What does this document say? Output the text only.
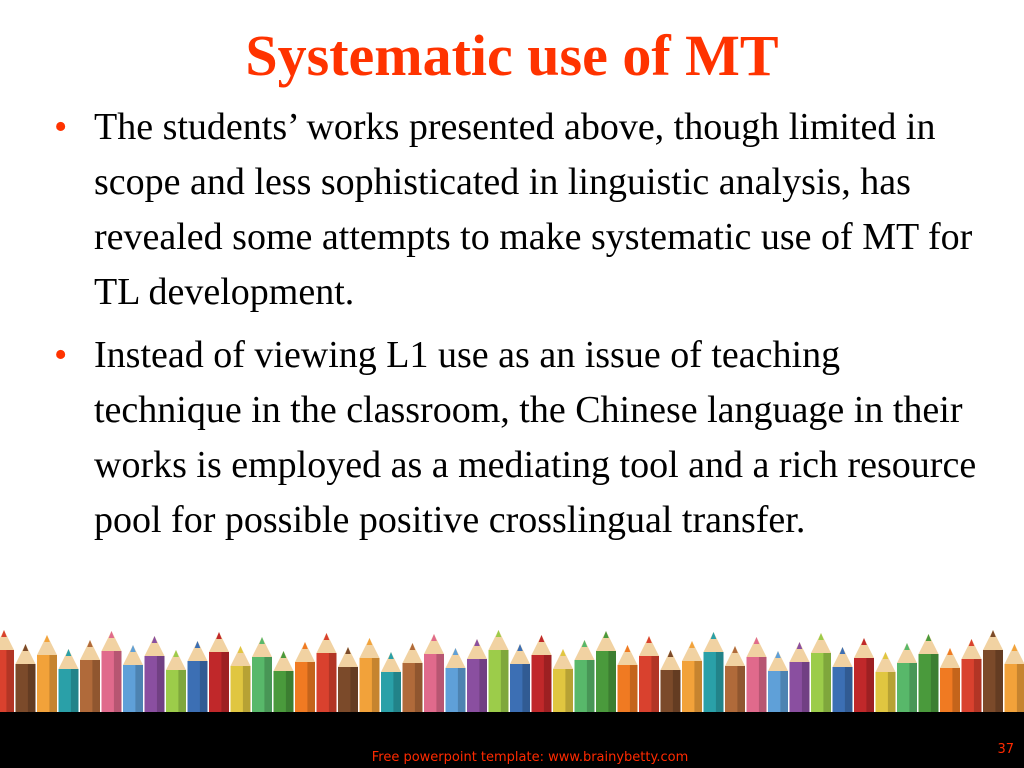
Systematic use of MT
• The students’ works presented above, though limited in scope and less sophisticated in linguistic analysis, has revealed some attempts to make systematic use of MT for TL development.
• Instead of viewing L1 use as an issue of teaching technique in the classroom, the Chinese language in their works is employed as a mediating tool and a rich resource pool for possible positive crosslingual transfer.
Free powerpoint template: www.brainybetty.com
37
